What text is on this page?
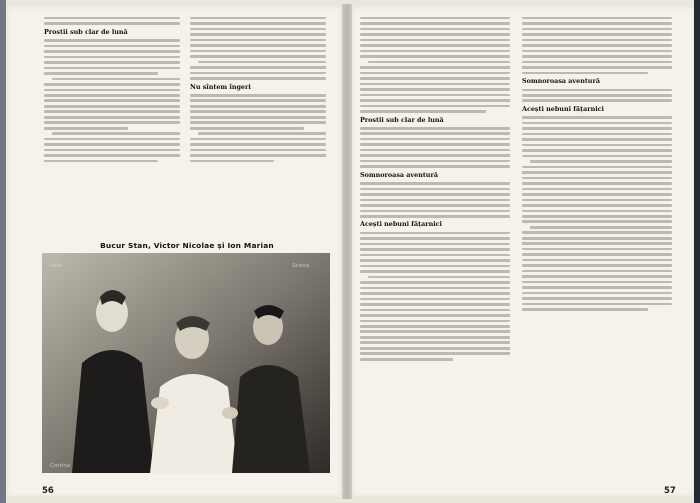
Prostii sub clar de lună
Nu sîntem îngeri
Bucur Stan, Victor Nicolae și Ion Marian
Sala	Scena
Cortina
56
Prostii sub clar de lună
Somnoroasa aventură
Acești nebuni fățarnici
Somnoroasa aventură
Acești nebuni fățarnici
57
